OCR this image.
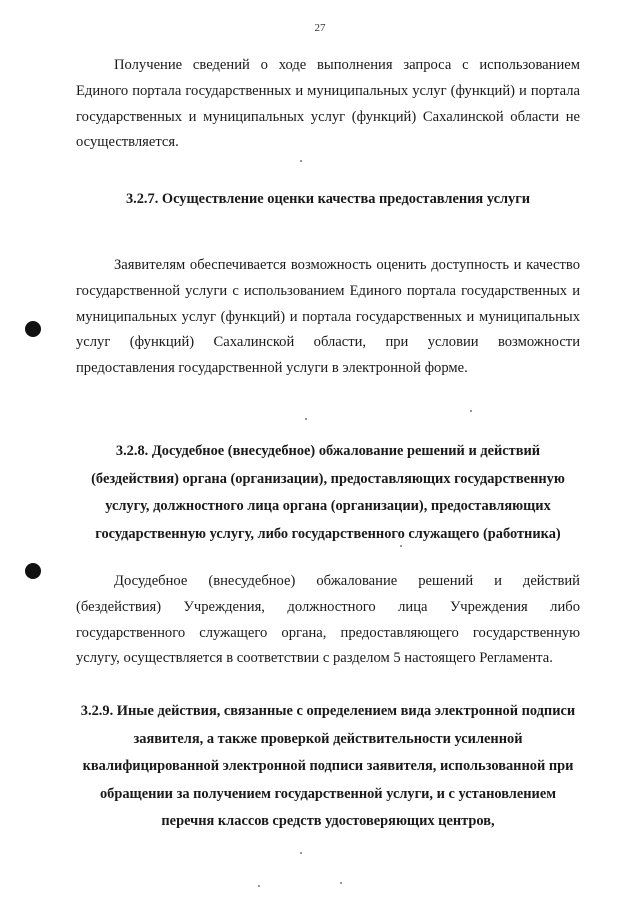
27

Получение сведений о ходе выполнения запроса с использованием Единого портала государственных и муниципальных услуг (функций) и портала государственных и муниципальных услуг (функций) Сахалинской области не осуществляется.

3.2.7. Осуществление оценки качества предоставления услуги

Заявителям обеспечивается возможность оценить доступность и качество государственной услуги с использованием Единого портала государственных и муниципальных услуг (функций) и портала государственных и муниципальных услуг (функций) Сахалинской области, при условии возможности предоставления государственной услуги в электронной форме.

3.2.8. Досудебное (внесудебное) обжалование решений и действий (бездействия) органа (организации), предоставляющих государственную услугу, должностного лица органа (организации), предоставляющих государственную услугу, либо государственного служащего (работника)

Досудебное (внесудебное) обжалование решений и действий (бездействия) Учреждения, должностного лица Учреждения либо государственного служащего органа, предоставляющего государственную услугу, осуществляется в соответствии с разделом 5 настоящего Регламента.

3.2.9. Иные действия, связанные с определением вида электронной подписи заявителя, а также проверкой действительности усиленной квалифицированной электронной подписи заявителя, использованной при обращении за получением государственной услуги, и с установлением перечня классов средств удостоверяющих центров,
